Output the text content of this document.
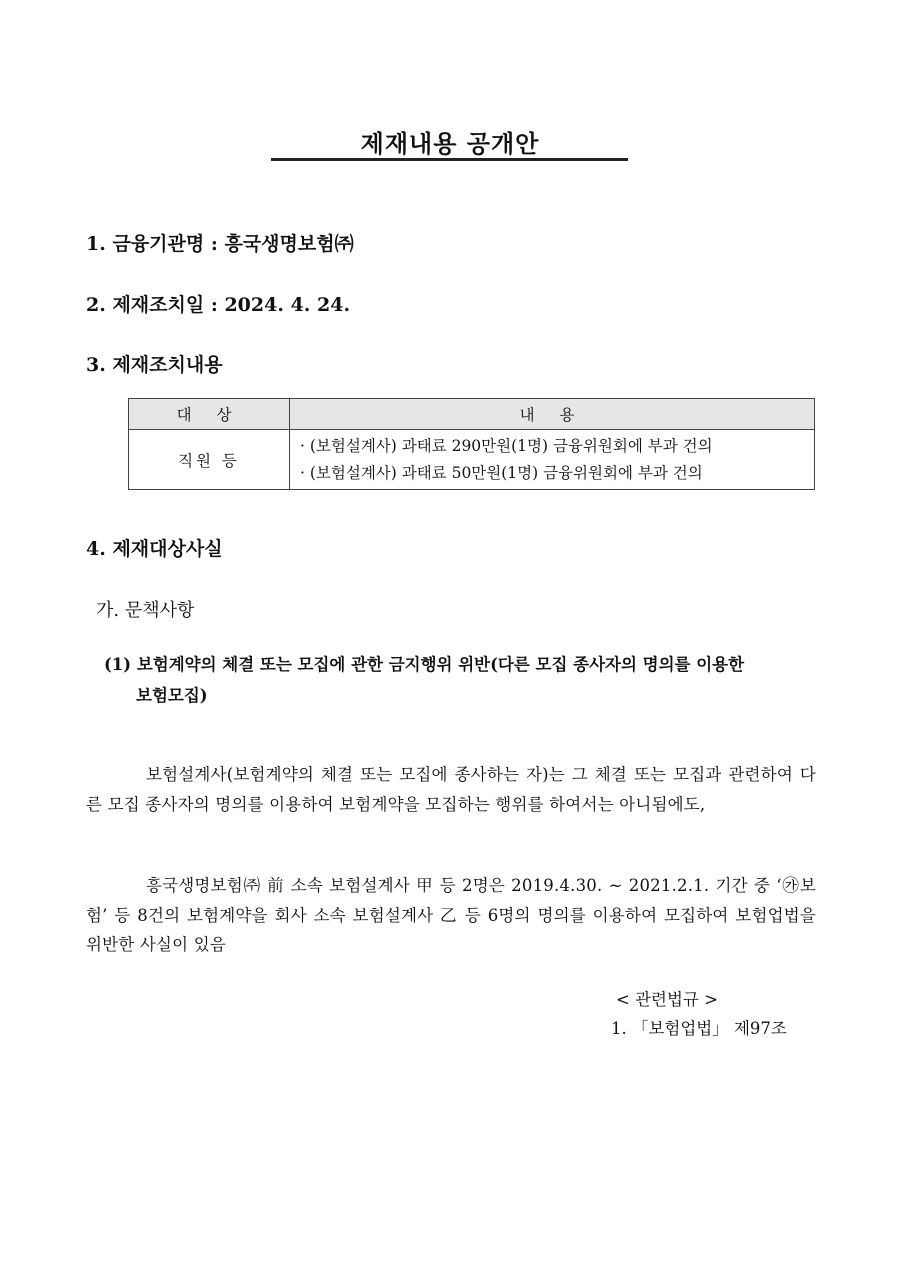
제재내용 공개안
1. 금융기관명 : 흥국생명보험㈜
2. 제재조치일 : 2024. 4. 24.
3. 제재조치내용
대 상	내 용
직원 등	· (보험설계사) 과태료 290만원(1명) 금융위원회에 부과 건의
· (보험설계사) 과태료 50만원(1명) 금융위원회에 부과 건의
4. 제재대상사실
가. 문책사항
(1) 보험계약의 체결 또는 모집에 관한 금지행위 위반(다른 모집 종사자의 명의를 이용한
보험모집)
보험설계사(보험계약의 체결 또는 모집에 종사하는 자)는 그 체결 또는 모집과 관련하여 다른 모집 종사자의 명의를 이용하여 보험계약을 모집하는 행위를 하여서는 아니됨에도,
흥국생명보험㈜ 前 소속 보험설계사 甲 등 2명은 2019.4.30. ~ 2021.2.1. 기간 중 ‘㉮보험’ 등 8건의 보험계약을 회사 소속 보험설계사 乙 등 6명의 명의를 이용하여 모집하여 보험업법을 위반한 사실이 있음
< 관련법규 >
1. 「보험업법」 제97조
